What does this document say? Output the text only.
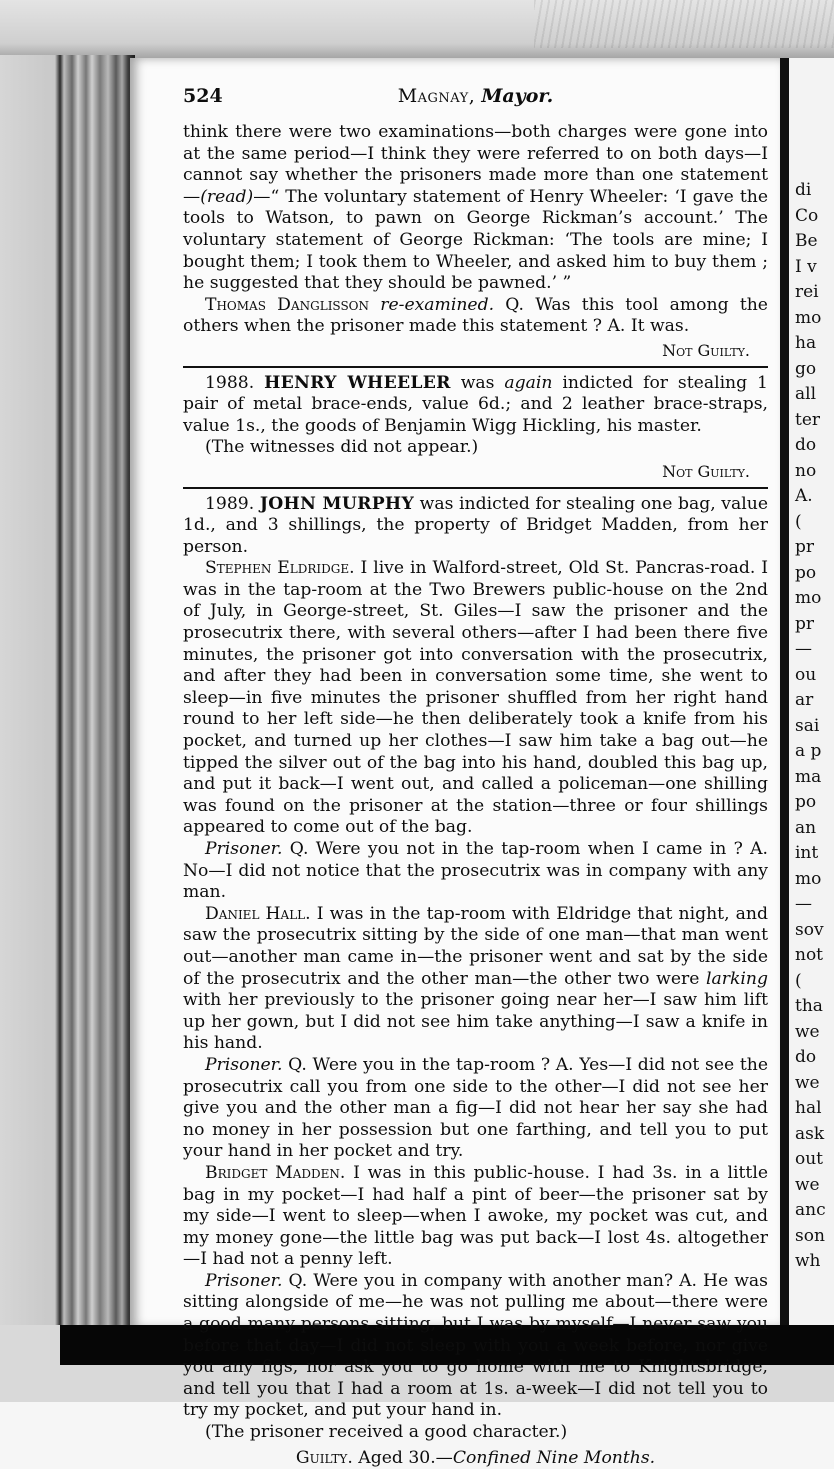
di
Co
Be
I v
rei
mo
ha
go
all
ter
do
no
A.
(
pr
po
mo
pr
—
ou
ar
sai
a p
ma
po
an
int
mo
—
sov
not
(
tha
we
do
we
hal
ask
out
we
anc
son
wh
524	Magnay, Mayor.

think there were two examinations—both charges were gone into at the same period—I think they were referred to on both days—I cannot say whether the prisoners made more than one statement—(read)—“ The voluntary statement of Henry Wheeler: ‘I gave the tools to Watson, to pawn on George Rickman’s account.’ The voluntary statement of George Rickman: ‘The tools are mine; I bought them; I took them to Wheeler, and asked him to buy them ; he suggested that they should be pawned.’ ”

Thomas Danglisson re-examined. Q. Was this tool among the others when the prisoner made this statement ? A. It was.

Not Guilty.

1988. HENRY WHEELER was again indicted for stealing 1 pair of metal brace-ends, value 6d.; and 2 leather brace-straps, value 1s., the goods of Benjamin Wigg Hickling, his master.

(The witnesses did not appear.)

Not Guilty.

1989. JOHN MURPHY was indicted for stealing one bag, value 1d., and 3 shillings, the property of Bridget Madden, from her person.

Stephen Eldridge. I live in Walford-street, Old St. Pancras-road. I was in the tap-room at the Two Brewers public-house on the 2nd of July, in George-street, St. Giles—I saw the prisoner and the prosecutrix there, with several others—after I had been there five minutes, the prisoner got into conversation with the prosecutrix, and after they had been in conversation some time, she went to sleep—in five minutes the prisoner shuffled from her right hand round to her left side—he then deliberately took a knife from his pocket, and turned up her clothes—I saw him take a bag out—he tipped the silver out of the bag into his hand, doubled this bag up, and put it back—I went out, and called a policeman—one shilling was found on the prisoner at the station—three or four shillings appeared to come out of the bag.

Prisoner. Q. Were you not in the tap-room when I came in ? A. No—I did not notice that the prosecutrix was in company with any man.

Daniel Hall. I was in the tap-room with Eldridge that night, and saw the prosecutrix sitting by the side of one man—that man went out—another man came in—the prisoner went and sat by the side of the prosecutrix and the other man—the other two were larking with her previously to the prisoner going near her—I saw him lift up her gown, but I did not see him take anything—I saw a knife in his hand.

Prisoner. Q. Were you in the tap-room ? A. Yes—I did not see the prosecutrix call you from one side to the other—I did not see her give you and the other man a fig—I did not hear her say she had no money in her possession but one farthing, and tell you to put your hand in her pocket and try.

Bridget Madden. I was in this public-house. I had 3s. in a little bag in my pocket—I had half a pint of beer—the prisoner sat by my side—I went to sleep—when I awoke, my pocket was cut, and my money gone—the little bag was put back—I lost 4s. altogether—I had not a penny left.

Prisoner. Q. Were you in company with another man? A. He was sitting alongside of me—he was not pulling me about—there were a good many persons sitting, but I was by myself—I never saw you before that day—I did not sleep with you a week before, nor give you any figs, nor ask you to go home with me to Knightsbridge, and tell you that I had a room at 1s. a-week—I did not tell you to try my pocket, and put your hand in.

(The prisoner received a good character.)

Guilty. Aged 30.—Confined Nine Months.
